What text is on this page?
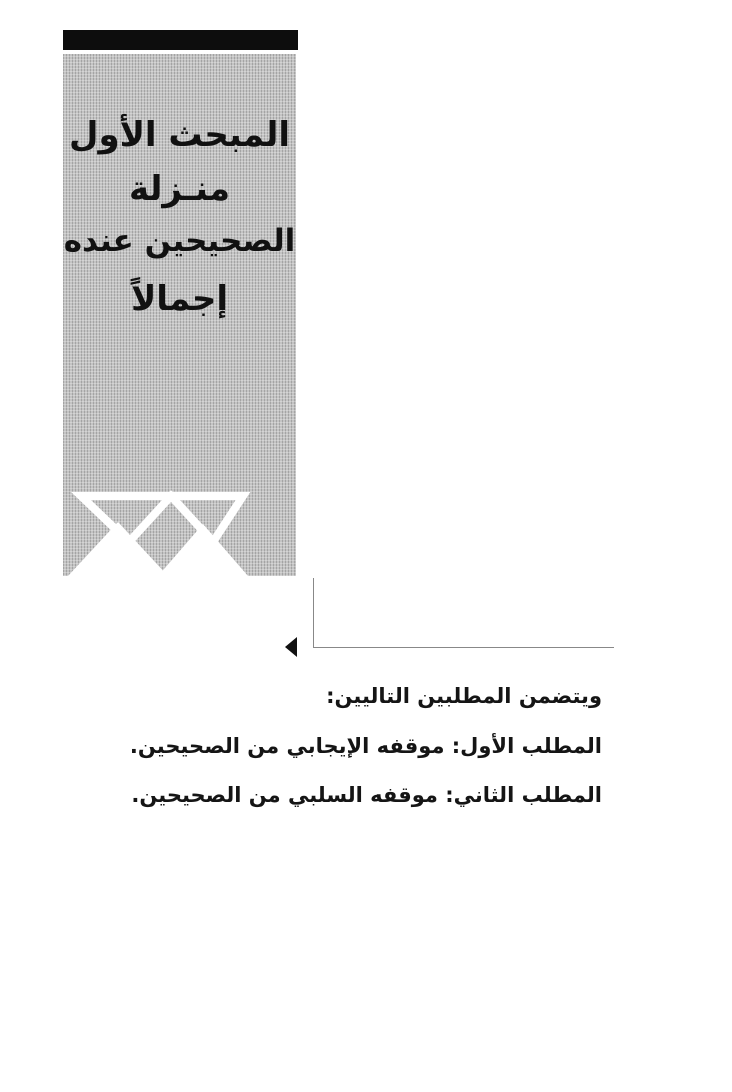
المبحث الأول
منـزلة
الصحيحين عنده
إجمالاً
ويتضمن المطلبين التاليين:
المطلب الأول: موقفه الإيجابي من الصحيحين.
المطلب الثاني: موقفه السلبي من الصحيحين.
